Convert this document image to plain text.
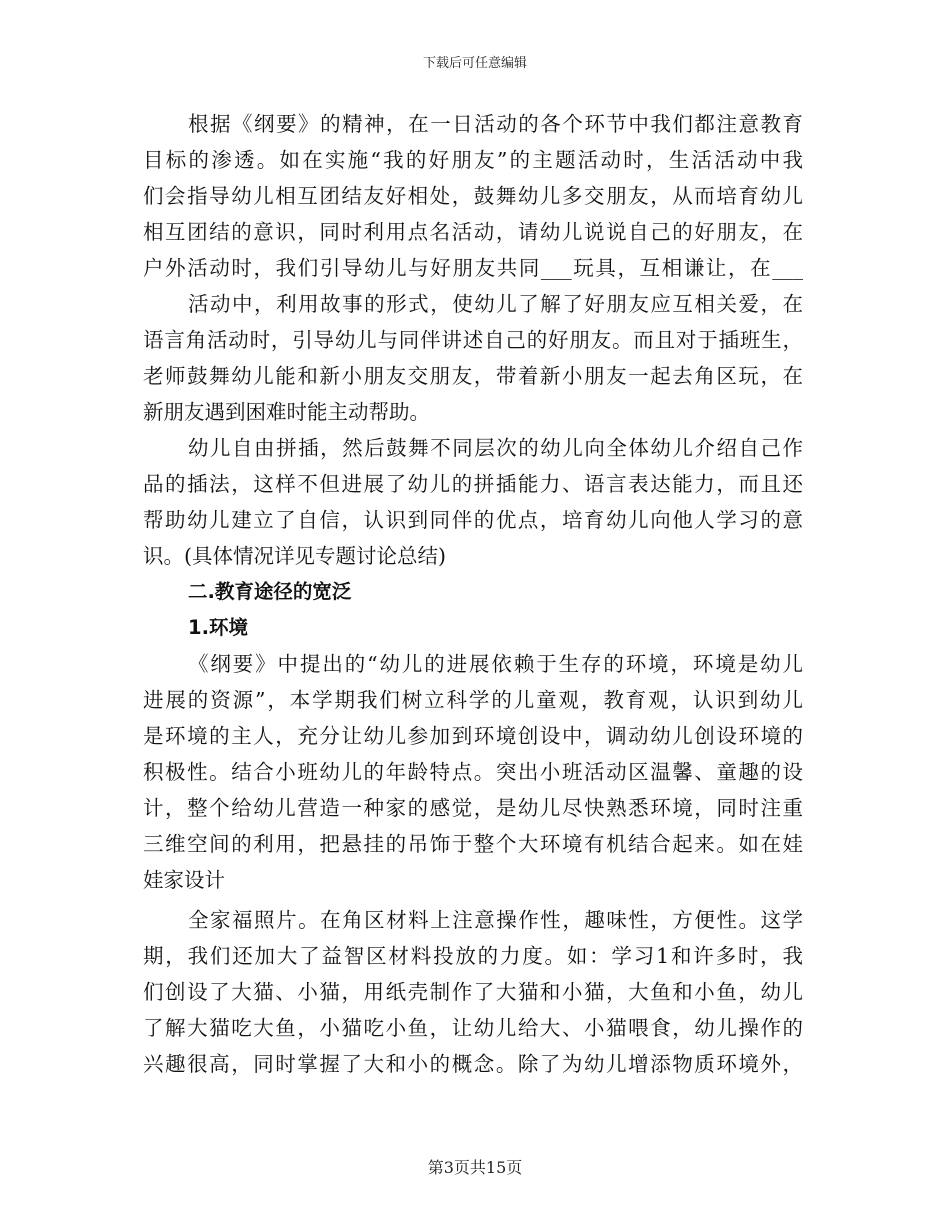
下载后可任意编辑
根据《纲要》的精神，在一日活动的各个环节中我们都注意教育
目标的渗透。如在实施“我的好朋友”的主题活动时，生活活动中我
们会指导幼儿相互团结友好相处，鼓舞幼儿多交朋友，从而培育幼儿
相互团结的意识，同时利用点名活动，请幼儿说说自己的好朋友，在
户外活动时，我们引导幼儿与好朋友共同___玩具，互相谦让，在___
活动中，利用故事的形式，使幼儿了解了好朋友应互相关爱，在
语言角活动时，引导幼儿与同伴讲述自己的好朋友。而且对于插班生，
老师鼓舞幼儿能和新小朋友交朋友，带着新小朋友一起去角区玩，在
新朋友遇到困难时能主动帮助。
幼儿自由拼插，然后鼓舞不同层次的幼儿向全体幼儿介绍自己作
品的插法，这样不但进展了幼儿的拼插能力、语言表达能力，而且还
帮助幼儿建立了自信，认识到同伴的优点，培育幼儿向他人学习的意
识。(具体情况详见专题讨论总结)
二.教育途径的宽泛
1.环境
《纲要》中提出的“幼儿的进展依赖于生存的环境，环境是幼儿
进展的资源”，本学期我们树立科学的儿童观，教育观，认识到幼儿
是环境的主人，充分让幼儿参加到环境创设中，调动幼儿创设环境的
积极性。结合小班幼儿的年龄特点。突出小班活动区温馨、童趣的设
计，整个给幼儿营造一种家的感觉，是幼儿尽快熟悉环境，同时注重
三维空间的利用，把悬挂的吊饰于整个大环境有机结合起来。如在娃
娃家设计
全家福照片。在角区材料上注意操作性，趣味性，方便性。这学
期，我们还加大了益智区材料投放的力度。如：学习1和许多时，我
们创设了大猫、小猫，用纸壳制作了大猫和小猫，大鱼和小鱼，幼儿
了解大猫吃大鱼，小猫吃小鱼，让幼儿给大、小猫喂食，幼儿操作的
兴趣很高，同时掌握了大和小的概念。除了为幼儿增添物质环境外，
第3页共15页
